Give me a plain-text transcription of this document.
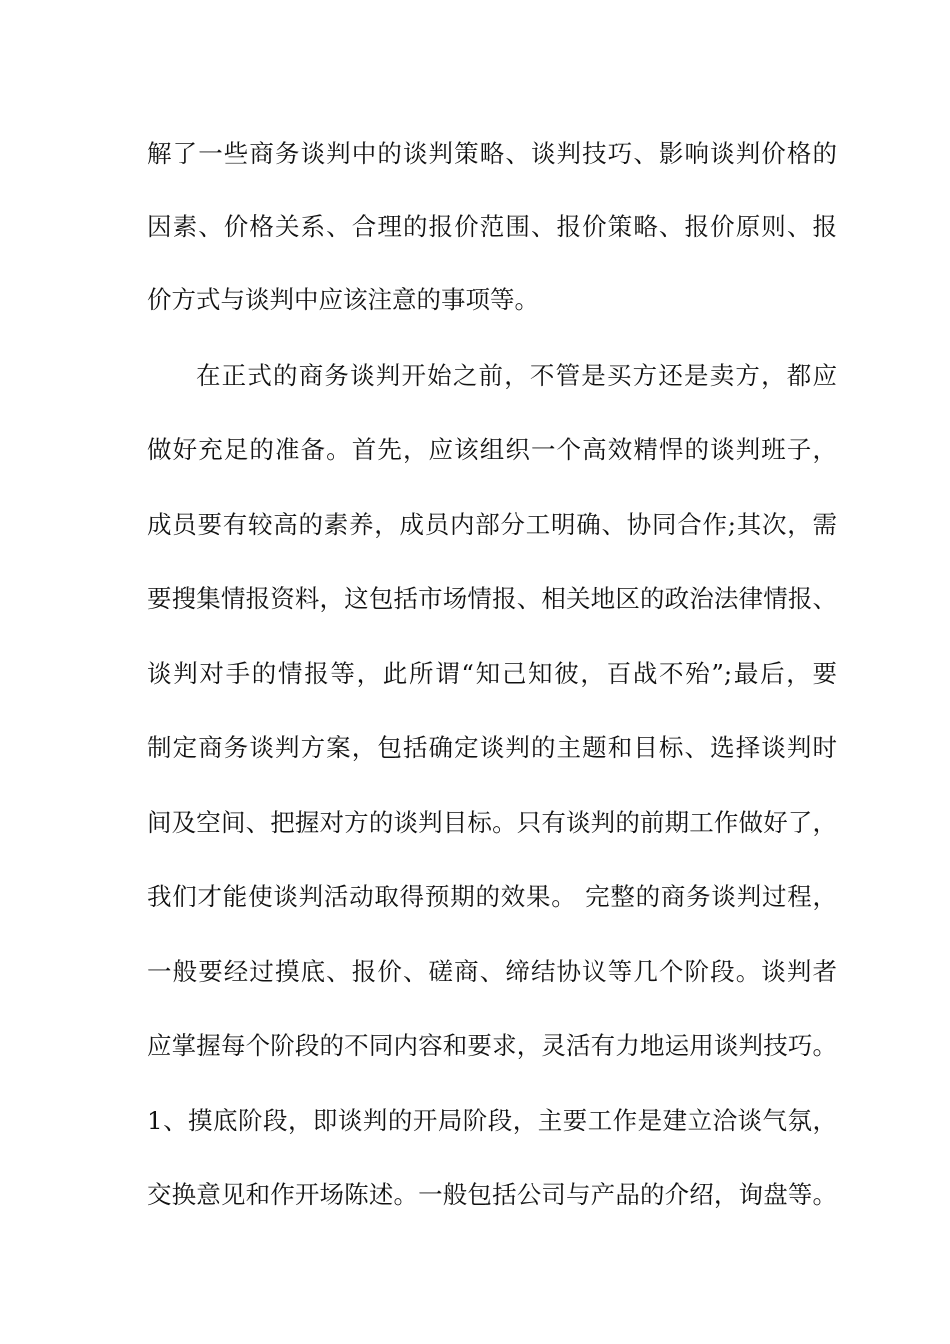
解了一些商务谈判中的谈判策略、谈判技巧、影响谈判价格的
因素、价格关系、合理的报价范围、报价策略、报价原则、报
价方式与谈判中应该注意的事项等。
在正式的商务谈判开始之前，不管是买方还是卖方，都应
做好充足的准备。首先，应该组织一个高效精悍的谈判班子，
成员要有较高的素养，成员内部分工明确、协同合作;其次，需
要搜集情报资料，这包括市场情报、相关地区的政治法律情报、
谈判对手的情报等，此所谓“知己知彼，百战不殆”;最后，要
制定商务谈判方案，包括确定谈判的主题和目标、选择谈判时
间及空间、把握对方的谈判目标。只有谈判的前期工作做好了，
我们才能使谈判活动取得预期的效果。 完整的商务谈判过程，
一般要经过摸底、报价、磋商、缔结协议等几个阶段。谈判者
应掌握每个阶段的不同内容和要求，灵活有力地运用谈判技巧。
1、摸底阶段，即谈判的开局阶段，主要工作是建立洽谈气氛，
交换意见和作开场陈述。一般包括公司与产品的介绍，询盘等。
